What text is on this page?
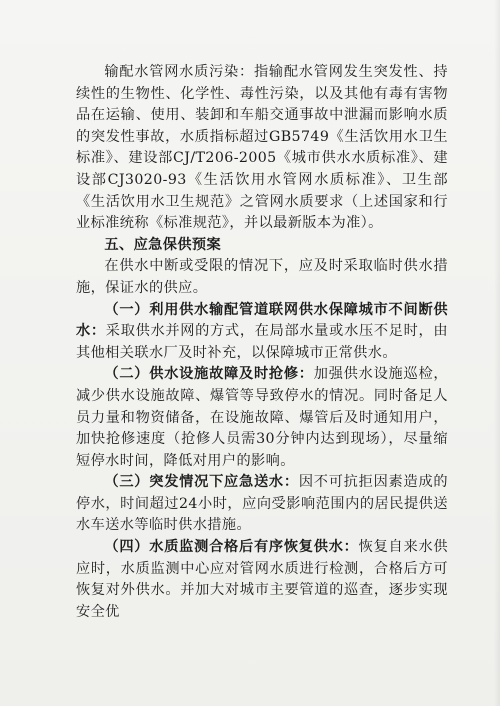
输配水管网水质污染：指输配水管网发生突发性、持续性的生物性、化学性、毒性污染，以及其他有毒有害物品在运输、使用、装卸和车船交通事故中泄漏而影响水质的突发性事故，水质指标超过GB5749《生活饮用水卫生标准》、建设部CJ/T206-2005《城市供水水质标准》、建设部CJ3020-93《生活饮用水管网水质标准》、卫生部《生活饮用水卫生规范》之管网水质要求（上述国家和行业标准统称《标准规范》，并以最新版本为准）。

五、应急保供预案

在供水中断或受限的情况下，应及时采取临时供水措施，保证水的供应。

（一）利用供水输配管道联网供水保障城市不间断供水：采取供水并网的方式，在局部水量或水压不足时，由其他相关联水厂及时补充，以保障城市正常供水。

（二）供水设施故障及时抢修：加强供水设施巡检，减少供水设施故障、爆管等导致停水的情况。同时备足人员力量和物资储备，在设施故障、爆管后及时通知用户，加快抢修速度（抢修人员需30分钟内达到现场），尽量缩短停水时间，降低对用户的影响。

（三）突发情况下应急送水：因不可抗拒因素造成的停水，时间超过24小时，应向受影响范围内的居民提供送水车送水等临时供水措施。

（四）水质监测合格后有序恢复供水：恢复自来水供应时，水质监测中心应对管网水质进行检测，合格后方可恢复对外供水。并加大对城市主要管道的巡查，逐步实现安全优
